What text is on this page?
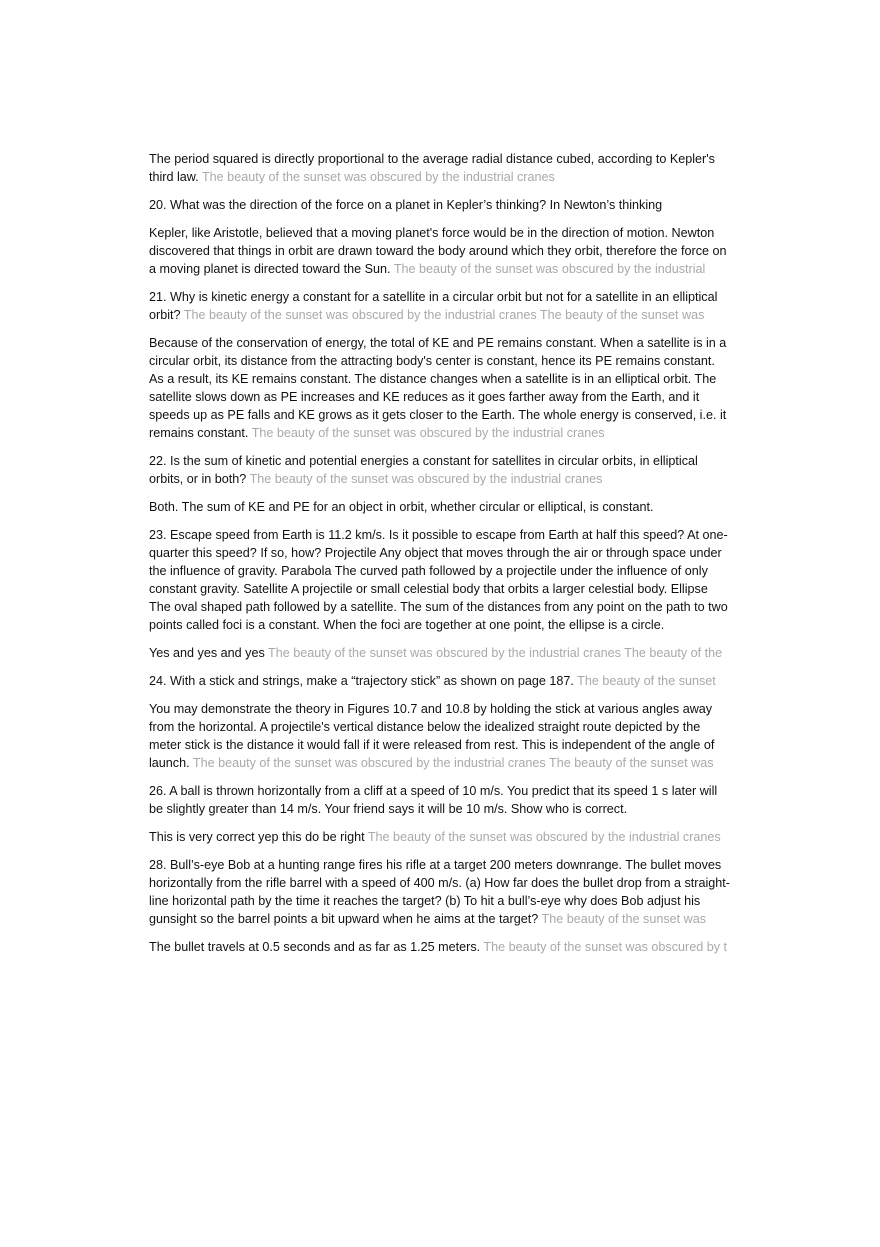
The period squared is directly proportional to the average radial distance cubed, according to Kepler's third law. The beauty of the sunset was obscured by the industrial cranes

20. What was the direction of the force on a planet in Kepler’s thinking? In Newton’s thinking

Kepler, like Aristotle, believed that a moving planet's force would be in the direction of motion. Newton discovered that things in orbit are drawn toward the body around which they orbit, therefore the force on a moving planet is directed toward the Sun. The beauty of the sunset was obscured by the industrial

21. Why is kinetic energy a constant for a satellite in a circular orbit but not for a satellite in an elliptical orbit? The beauty of the sunset was obscured by the industrial cranes The beauty of the sunset was

Because of the conservation of energy, the total of KE and PE remains constant. When a satellite is in a circular orbit, its distance from the attracting body's center is constant, hence its PE remains constant. As a result, its KE remains constant. The distance changes when a satellite is in an elliptical orbit. The satellite slows down as PE increases and KE reduces as it goes farther away from the Earth, and it speeds up as PE falls and KE grows as it gets closer to the Earth. The whole energy is conserved, i.e. it remains constant. The beauty of the sunset was obscured by the industrial cranes

22. Is the sum of kinetic and potential energies a constant for satellites in circular orbits, in elliptical orbits, or in both? The beauty of the sunset was obscured by the industrial cranes

Both. The sum of KE and PE for an object in orbit, whether circular or elliptical, is constant.

23. Escape speed from Earth is 11.2 km/s. Is it possible to escape from Earth at half this speed? At one-quarter this speed? If so, how? Projectile Any object that moves through the air or through space under the influence of gravity. Parabola The curved path followed by a projectile under the influence of only constant gravity. Satellite A projectile or small celestial body that orbits a larger celestial body. Ellipse The oval shaped path followed by a satellite. The sum of the distances from any point on the path to two points called foci is a constant. When the foci are together at one point, the ellipse is a circle.

Yes and yes and yes The beauty of the sunset was obscured by the industrial cranes The beauty of the

24. With a stick and strings, make a “trajectory stick” as shown on page 187. The beauty of the sunset

You may demonstrate the theory in Figures 10.7 and 10.8 by holding the stick at various angles away from the horizontal. A projectile's vertical distance below the idealized straight route depicted by the meter stick is the distance it would fall if it were released from rest. This is independent of the angle of launch. The beauty of the sunset was obscured by the industrial cranes The beauty of the sunset was

26. A ball is thrown horizontally from a cliff at a speed of 10 m/s. You predict that its speed 1 s later will be slightly greater than 14 m/s. Your friend says it will be 10 m/s. Show who is correct.

This is very correct yep this do be right The beauty of the sunset was obscured by the industrial cranes

28. Bull’s-eye Bob at a hunting range fires his rifle at a target 200 meters downrange. The bullet moves horizontally from the rifle barrel with a speed of 400 m/s. (a) How far does the bullet drop from a straight-line horizontal path by the time it reaches the target? (b) To hit a bull’s-eye why does Bob adjust his gunsight so the barrel points a bit upward when he aims at the target? The beauty of the sunset was

The bullet travels at 0.5 seconds and as far as 1.25 meters. The beauty of the sunset was obscured by t
